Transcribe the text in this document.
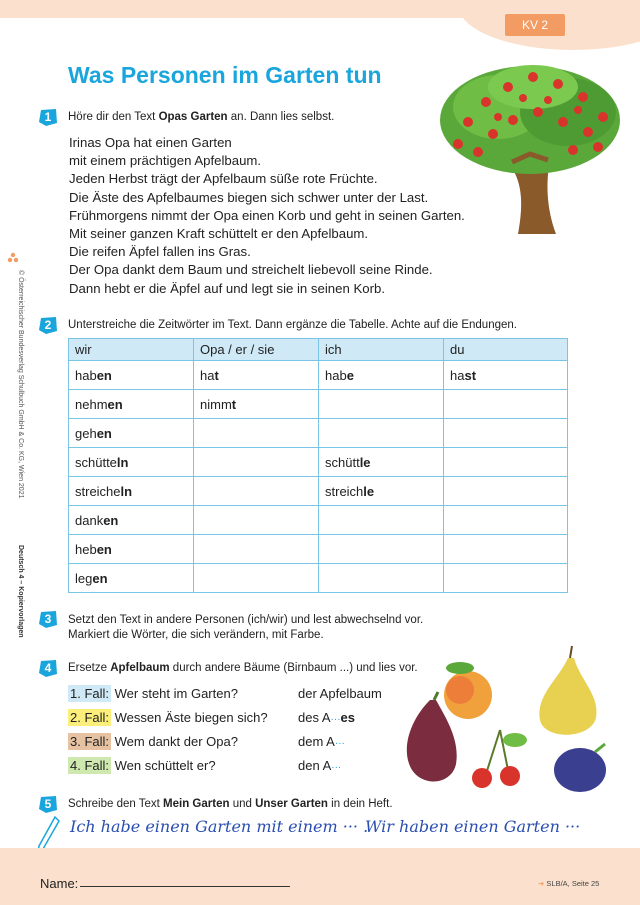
KV 2
Was Personen im Garten tun
© Österreichischer Bundesverlag Schulbuch GmbH & Co. KG, Wien 2021
Deutsch 4 – Kopiervorlagen
1	Höre dir den Text Opas Garten an. Dann lies selbst.
Irinas Opa hat einen Garten
mit einem prächtigen Apfelbaum.
Jeden Herbst trägt der Apfelbaum süße rote Früchte.
Die Äste des Apfelbaumes biegen sich schwer unter der Last.
Frühmorgens nimmt der Opa einen Korb und geht in seinen Garten.
Mit seiner ganzen Kraft schüttelt er den Apfelbaum.
Die reifen Äpfel fallen ins Gras.
Der Opa dankt dem Baum und streichelt liebevoll seine Rinde.
Dann hebt er die Äpfel auf und legt sie in seinen Korb.
2	Unterstreiche die Zeitwörter im Text. Dann ergänze die Tabelle. Achte auf die Endungen.
wir	Opa / er / sie	ich	du
haben	hat	habe	hast
nehmen	nimmt		
gehen			
schütteln		schüttle	
streicheln		streichle	
danken			
heben			
legen			
3	Setzt den Text in andere Personen (ich/wir) und lest abwechselnd vor.
Markiert die Wörter, die sich verändern, mit Farbe.
4	Ersetze Apfelbaum durch andere Bäume (Birnbaum ...) und lies vor.
1. Fall: Wer steht im Garten?	der Apfelbaum
2. Fall: Wessen Äste biegen sich? des A···es
3. Fall: Wem dankt der Opa?	dem A···
4. Fall: Wen schüttelt er?	den A···
5	Schreibe den Text Mein Garten und Unser Garten in dein Heft.
Ich habe einen Garten mit einem ··· .
Wir haben einen Garten ···
Name:	➔ SLB/A, Seite 25
